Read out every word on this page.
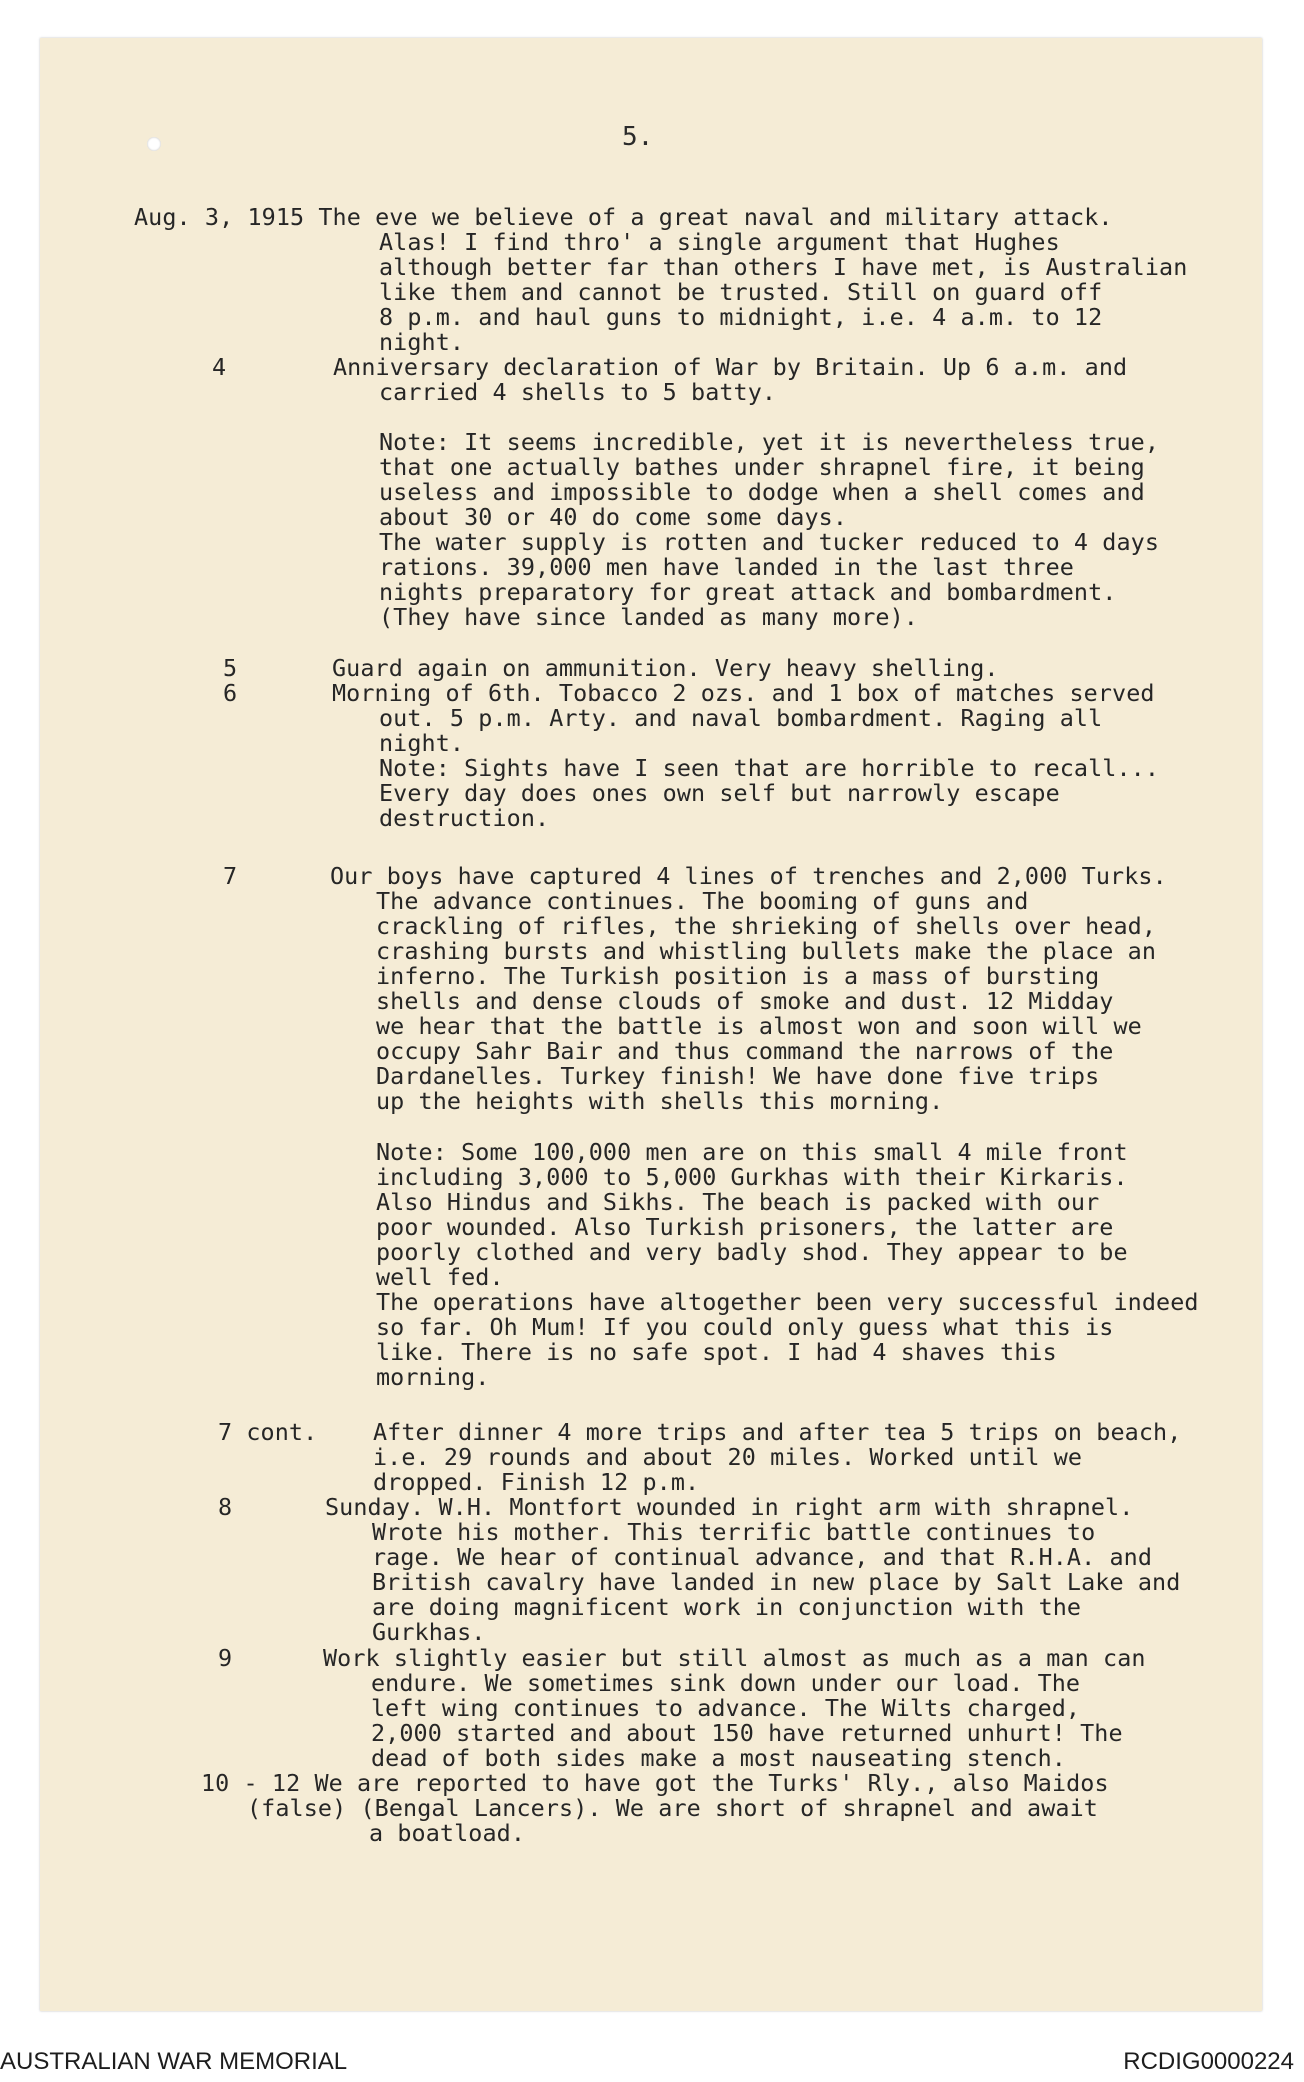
5.
Aug. 3, 1915 The eve we believe of a great naval and military attack.
Alas! I find thro' a single argument that Hughes
although better far than others I have met, is Australian
like them and cannot be trusted. Still on guard off
8 p.m. and haul guns to midnight, i.e. 4 a.m. to 12
night.
4	Anniversary declaration of War by Britain. Up 6 a.m. and
carried 4 shells to 5 batty.
Note: It seems incredible, yet it is nevertheless true,
that one actually bathes under shrapnel fire, it being
useless and impossible to dodge when a shell comes and
about 30 or 40 do come some days.
The water supply is rotten and tucker reduced to 4 days
rations. 39,000 men have landed in the last three
nights preparatory for great attack and bombardment.
(They have since landed as many more).
5	Guard again on ammunition. Very heavy shelling.
6	Morning of 6th. Tobacco 2 ozs. and 1 box of matches served
out. 5 p.m. Arty. and naval bombardment. Raging all
night.
Note: Sights have I seen that are horrible to recall...
Every day does ones own self but narrowly escape
destruction.
7	Our boys have captured 4 lines of trenches and 2,000 Turks.
The advance continues. The booming of guns and
crackling of rifles, the shrieking of shells over head,
crashing bursts and whistling bullets make the place an
inferno. The Turkish position is a mass of bursting
shells and dense clouds of smoke and dust. 12 Midday
we hear that the battle is almost won and soon will we
occupy Sahr Bair and thus command the narrows of the
Dardanelles. Turkey finish! We have done five trips
up the heights with shells this morning.
Note: Some 100,000 men are on this small 4 mile front
including 3,000 to 5,000 Gurkhas with their Kirkaris.
Also Hindus and Sikhs. The beach is packed with our
poor wounded. Also Turkish prisoners, the latter are
poorly clothed and very badly shod. They appear to be
well fed.
The operations have altogether been very successful indeed
so far. Oh Mum! If you could only guess what this is
like. There is no safe spot. I had 4 shaves this
morning.
7 cont. After dinner 4 more trips and after tea 5 trips on beach,
i.e. 29 rounds and about 20 miles. Worked until we
dropped. Finish 12 p.m.
8	Sunday. W.H. Montfort wounded in right arm with shrapnel.
Wrote his mother. This terrific battle continues to
rage. We hear of continual advance, and that R.H.A. and
British cavalry have landed in new place by Salt Lake and
are doing magnificent work in conjunction with the
Gurkhas.
9	Work slightly easier but still almost as much as a man can
endure. We sometimes sink down under our load. The
left wing continues to advance. The Wilts charged,
2,000 started and about 150 have returned unhurt! The
dead of both sides make a most nauseating stench.
10 - 12 We are reported to have got the Turks' Rly., also Maidos
(false) (Bengal Lancers). We are short of shrapnel and await
a boatload.
AUSTRALIAN WAR MEMORIAL	RCDIG0000224
